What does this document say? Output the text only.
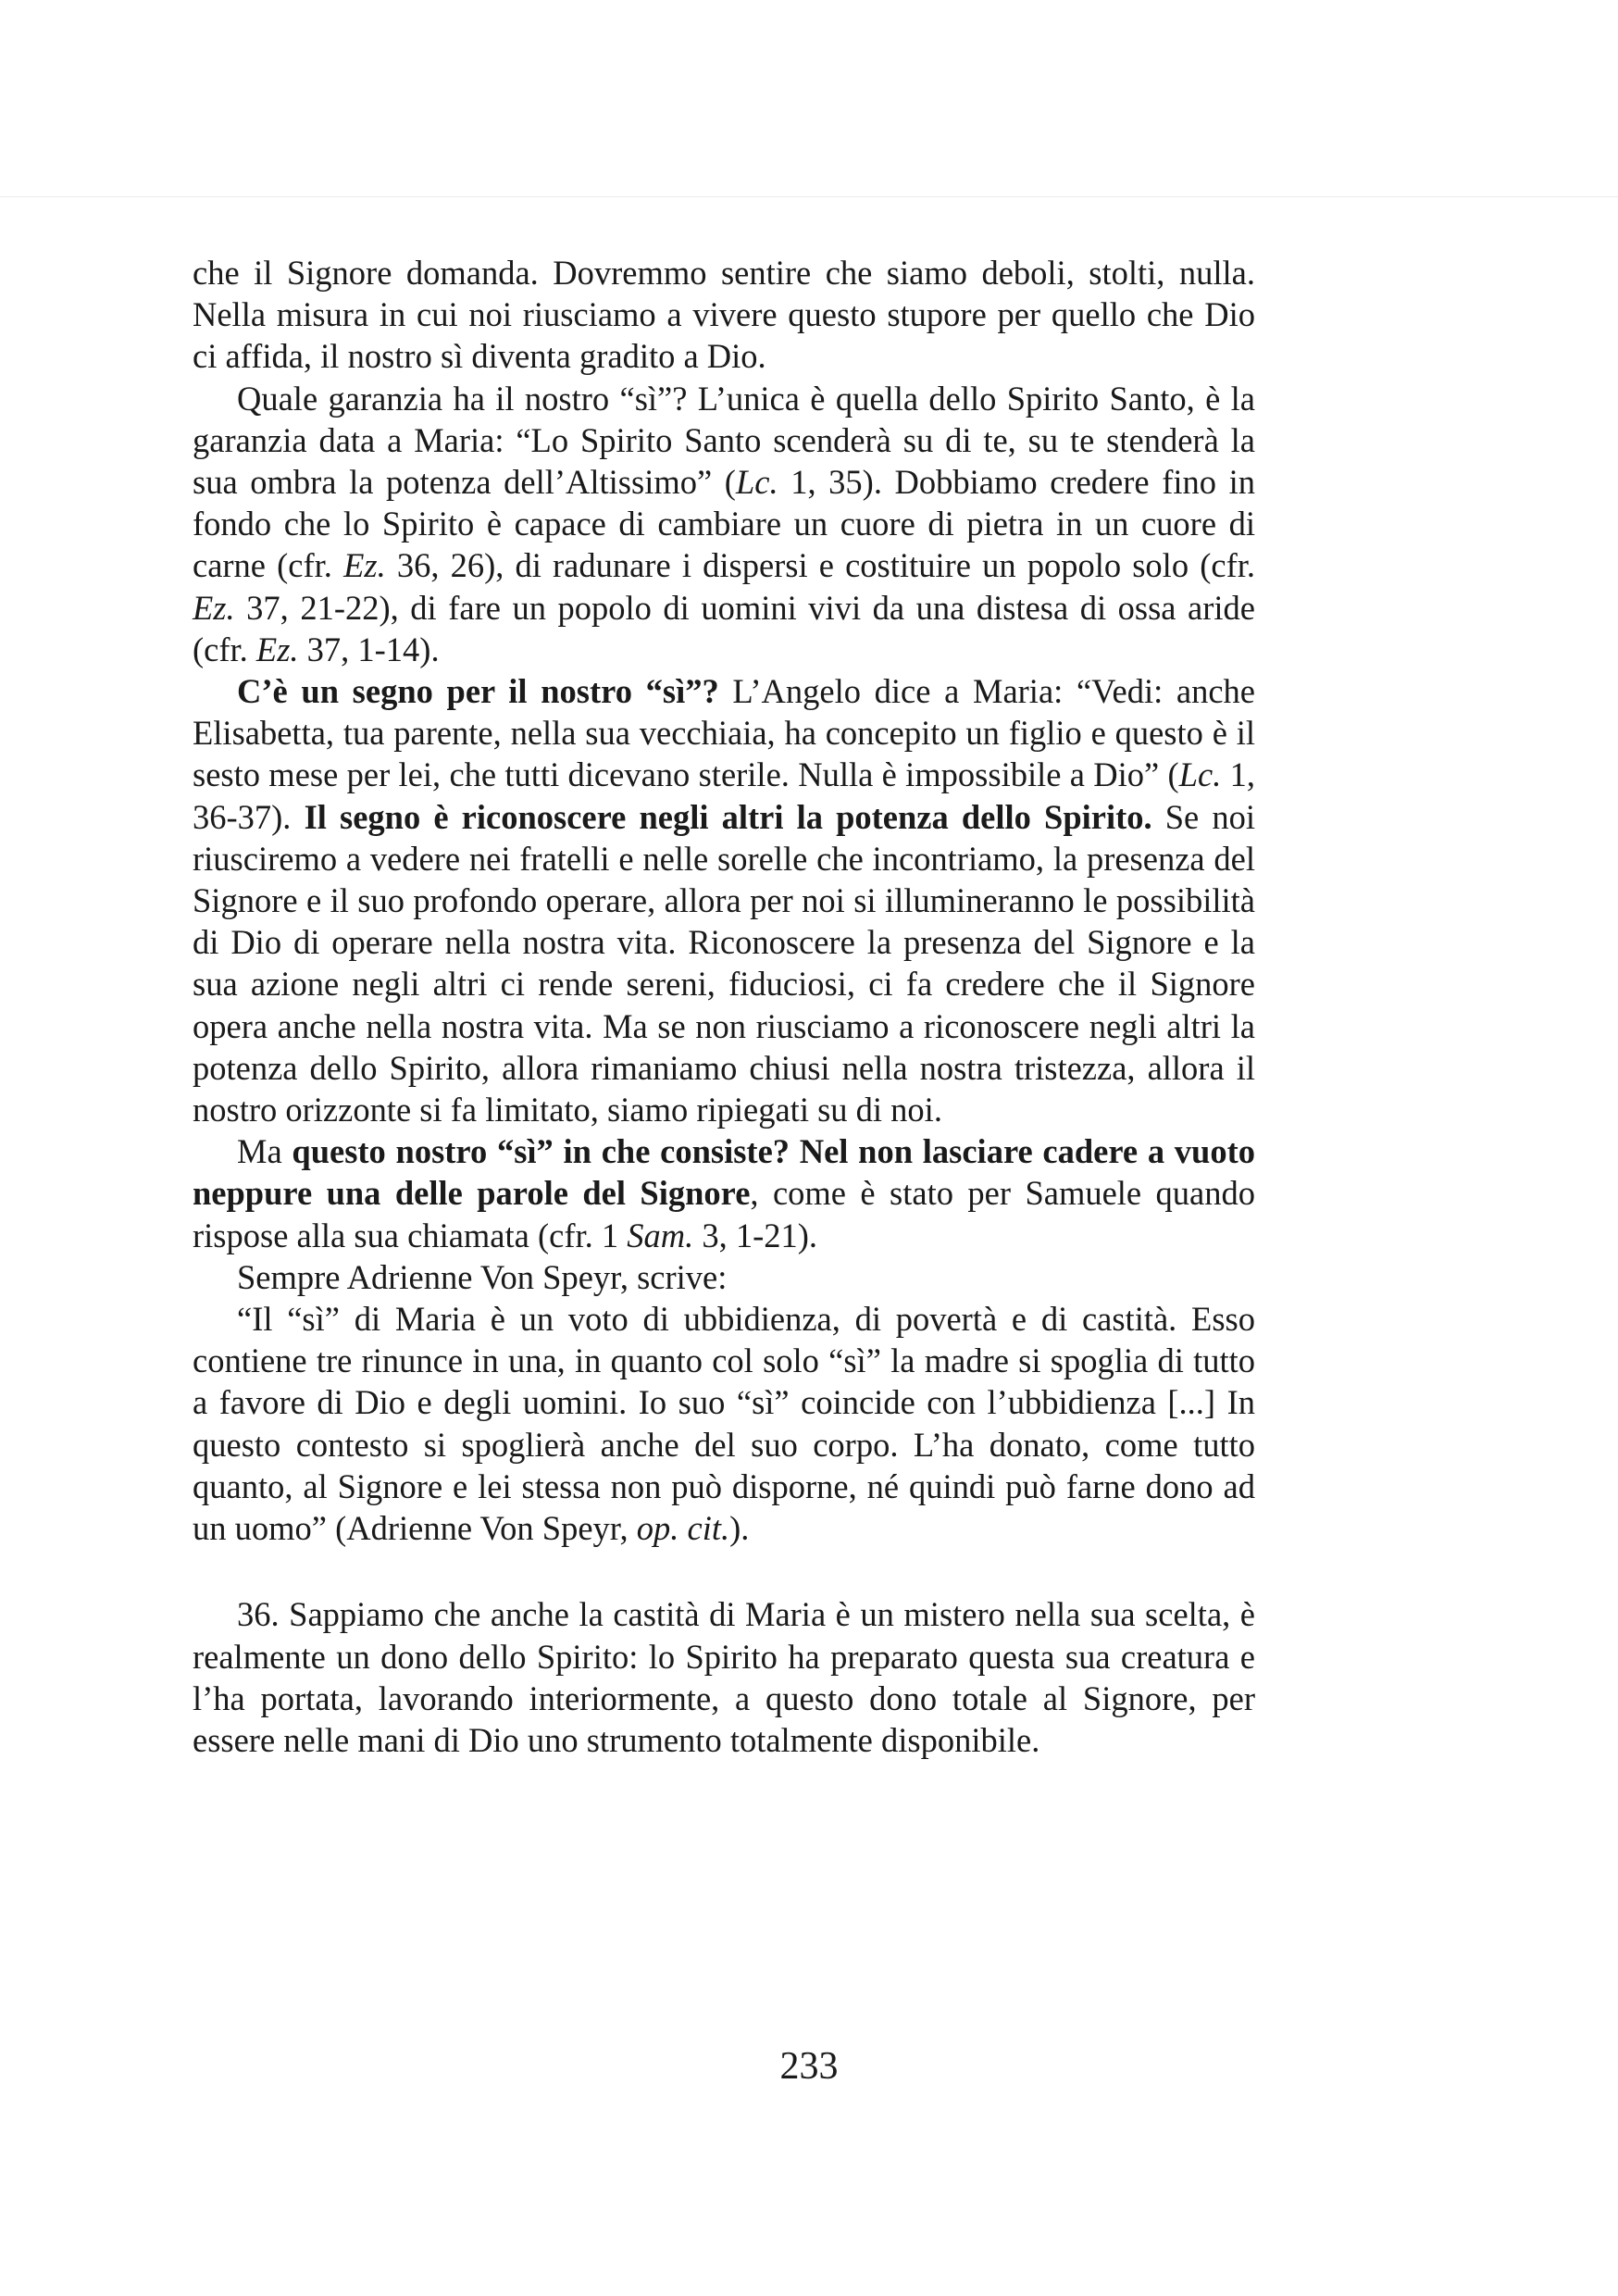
che il Signore domanda. Dovremmo sentire che siamo deboli, stolti, nulla. Nella misura in cui noi riusciamo a vivere questo stupore per quello che Dio ci affida, il nostro sì diventa gradito a Dio.

Quale garanzia ha il nostro “sì”? L’unica è quella dello Spirito Santo, è la garanzia data a Maria: “Lo Spirito Santo scenderà su di te, su te stenderà la sua ombra la potenza dell’Altissimo” (Lc. 1, 35). Dobbiamo credere fino in fondo che lo Spirito è capace di cambiare un cuore di pietra in un cuore di carne (cfr. Ez. 36, 26), di radunare i dispersi e costituire un popolo solo (cfr. Ez. 37, 21-22), di fare un popolo di uomini vivi da una distesa di ossa aride (cfr. Ez. 37, 1-14).

C’è un segno per il nostro “sì”? L’Angelo dice a Maria: “Vedi: anche Elisabetta, tua parente, nella sua vecchiaia, ha concepito un figlio e questo è il sesto mese per lei, che tutti dicevano sterile. Nulla è impossibile a Dio” (Lc. 1, 36-37). Il segno è riconoscere negli altri la potenza dello Spirito. Se noi riusciremo a vedere nei fratelli e nelle sorelle che incontriamo, la presenza del Signore e il suo profondo operare, allora per noi si illumineranno le possibilità di Dio di operare nella nostra vita. Riconoscere la presenza del Signore e la sua azione negli altri ci rende sereni, fiduciosi, ci fa credere che il Signore opera anche nella nostra vita. Ma se non riusciamo a riconoscere negli altri la potenza dello Spirito, allora rimaniamo chiusi nella nostra tristezza, allora il nostro orizzonte si fa limitato, siamo ripiegati su di noi.

Ma questo nostro “sì” in che consiste? Nel non lasciare cadere a vuoto neppure una delle parole del Signore, come è stato per Samuele quando rispose alla sua chiamata (cfr. 1 Sam. 3, 1-21).

Sempre Adrienne Von Speyr, scrive:

“Il “sì” di Maria è un voto di ubbidienza, di povertà e di castità. Esso contiene tre rinunce in una, in quanto col solo “sì” la madre si spoglia di tutto a favore di Dio e degli uomini. Io suo “sì” coincide con l’ubbidienza [...] In questo contesto si spoglierà anche del suo corpo. L’ha donato, come tutto quanto, al Signore e lei stessa non può disporne, né quindi può farne dono ad un uomo” (Adrienne Von Speyr, op. cit.).

36. Sappiamo che anche la castità di Maria è un mistero nella sua scelta, è realmente un dono dello Spirito: lo Spirito ha preparato questa sua creatura e l’ha portata, lavorando interiormente, a questo dono totale al Signore, per essere nelle mani di Dio uno strumento totalmente disponibile.

233
